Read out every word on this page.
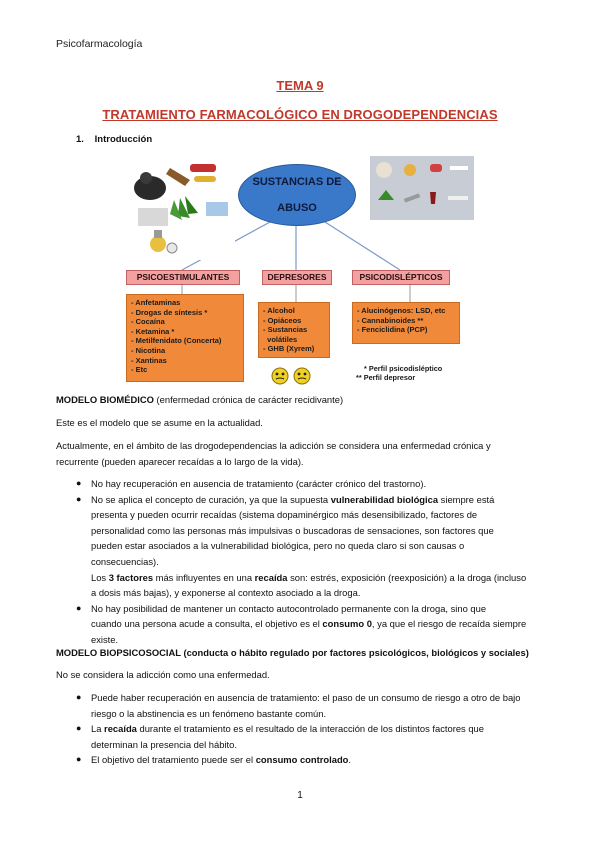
Psicofarmacología
TEMA 9
TRATAMIENTO FARMACOLÓGICO EN DROGODEPENDENCIAS
1. Introducción
SUSTANCIAS DE

ABUSO
PSICOESTIMULANTES	DEPRESORES	PSICODISLÉPTICOS
- Anfetaminas
- Drogas de síntesis *
- Cocaína
- Ketamina *
- Metilfenidato (Concerta)
- Nicotina
- Xantinas
- Etc
- Alcohol
- Opiáceos
- Sustancias
volátiles
- GHB (Xyrem)
- Alucinógenos: LSD, etc
- Cannabinoides **
- Fenciclidina (PCP)
* Perfil psicodisléptico
** Perfil depresor
MODELO BIOMÉDICO (enfermedad crónica de carácter recidivante)
Este es el modelo que se asume en la actualidad.
Actualmente, en el ámbito de las drogodependencias la adicción se considera una enfermedad crónica y
recurrente (pueden aparecer recaídas a lo largo de la vida).
● No hay recuperación en ausencia de tratamiento (carácter crónico del trastorno).
● No se aplica el concepto de curación, ya que la supuesta vulnerabilidad biológica siempre está
presenta y pueden ocurrir recaídas (sistema dopaminérgico más desensibilizado, factores de
personalidad como las personas más impulsivas o buscadoras de sensaciones, son factores que
pueden estar asociados a la vulnerabilidad biológica, pero no queda claro si son causas o
consecuencias).
Los 3 factores más influyentes en una recaída son: estrés, exposición (reexposición) a la droga (incluso
a dosis más bajas), y exponerse al contexto asociado a la droga.
● No hay posibilidad de mantener un contacto autocontrolado permanente con la droga, sino que
cuando una persona acude a consulta, el objetivo es el consumo 0, ya que el riesgo de recaída siempre
existe.
MODELO BIOPSICOSOCIAL (conducta o hábito regulado por factores psicológicos, biológicos y sociales)
No se considera la adicción como una enfermedad.
● Puede haber recuperación en ausencia de tratamiento: el paso de un consumo de riesgo a otro de bajo
riesgo o la abstinencia es un fenómeno bastante común.
● La recaída durante el tratamiento es el resultado de la interacción de los distintos factores que
determinan la presencia del hábito.
● El objetivo del tratamiento puede ser el consumo controlado.
1
